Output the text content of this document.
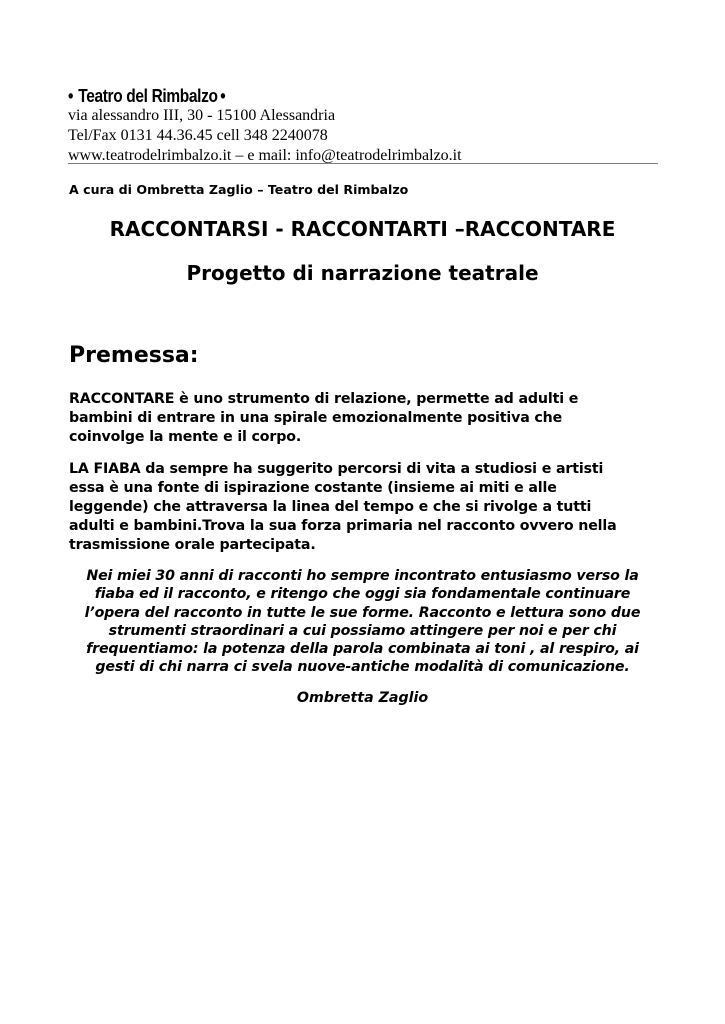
• Teatro del Rimbalzo •
via alessandro III, 30 - 15100 Alessandria
Tel/Fax 0131 44.36.45 cell 348 2240078
www.teatrodelrimbalzo.it – e mail: info@teatrodelrimbalzo.it
A cura di Ombretta Zaglio – Teatro del Rimbalzo
RACCONTARSI - RACCONTARTI –RACCONTARE
Progetto di narrazione teatrale
Premessa:
RACCONTARE è uno strumento di relazione, permette ad adulti e
bambini di entrare in una spirale emozionalmente positiva che
coinvolge la mente e il corpo.
LA FIABA da sempre ha suggerito percorsi di vita a studiosi e artisti
essa è una fonte di ispirazione costante (insieme ai miti e alle
leggende) che attraversa la linea del tempo e che si rivolge a tutti
adulti e bambini.Trova la sua forza primaria nel racconto ovvero nella
trasmissione orale partecipata.
Nei miei 30 anni di racconti ho sempre incontrato entusiasmo verso la
fiaba ed il racconto, e ritengo che oggi sia fondamentale continuare
l’opera del racconto in tutte le sue forme. Racconto e lettura sono due
strumenti straordinari a cui possiamo attingere per noi e per chi
frequentiamo: la potenza della parola combinata ai toni , al respiro, ai
gesti di chi narra ci svela nuove-antiche modalità di comunicazione.
Ombretta Zaglio
